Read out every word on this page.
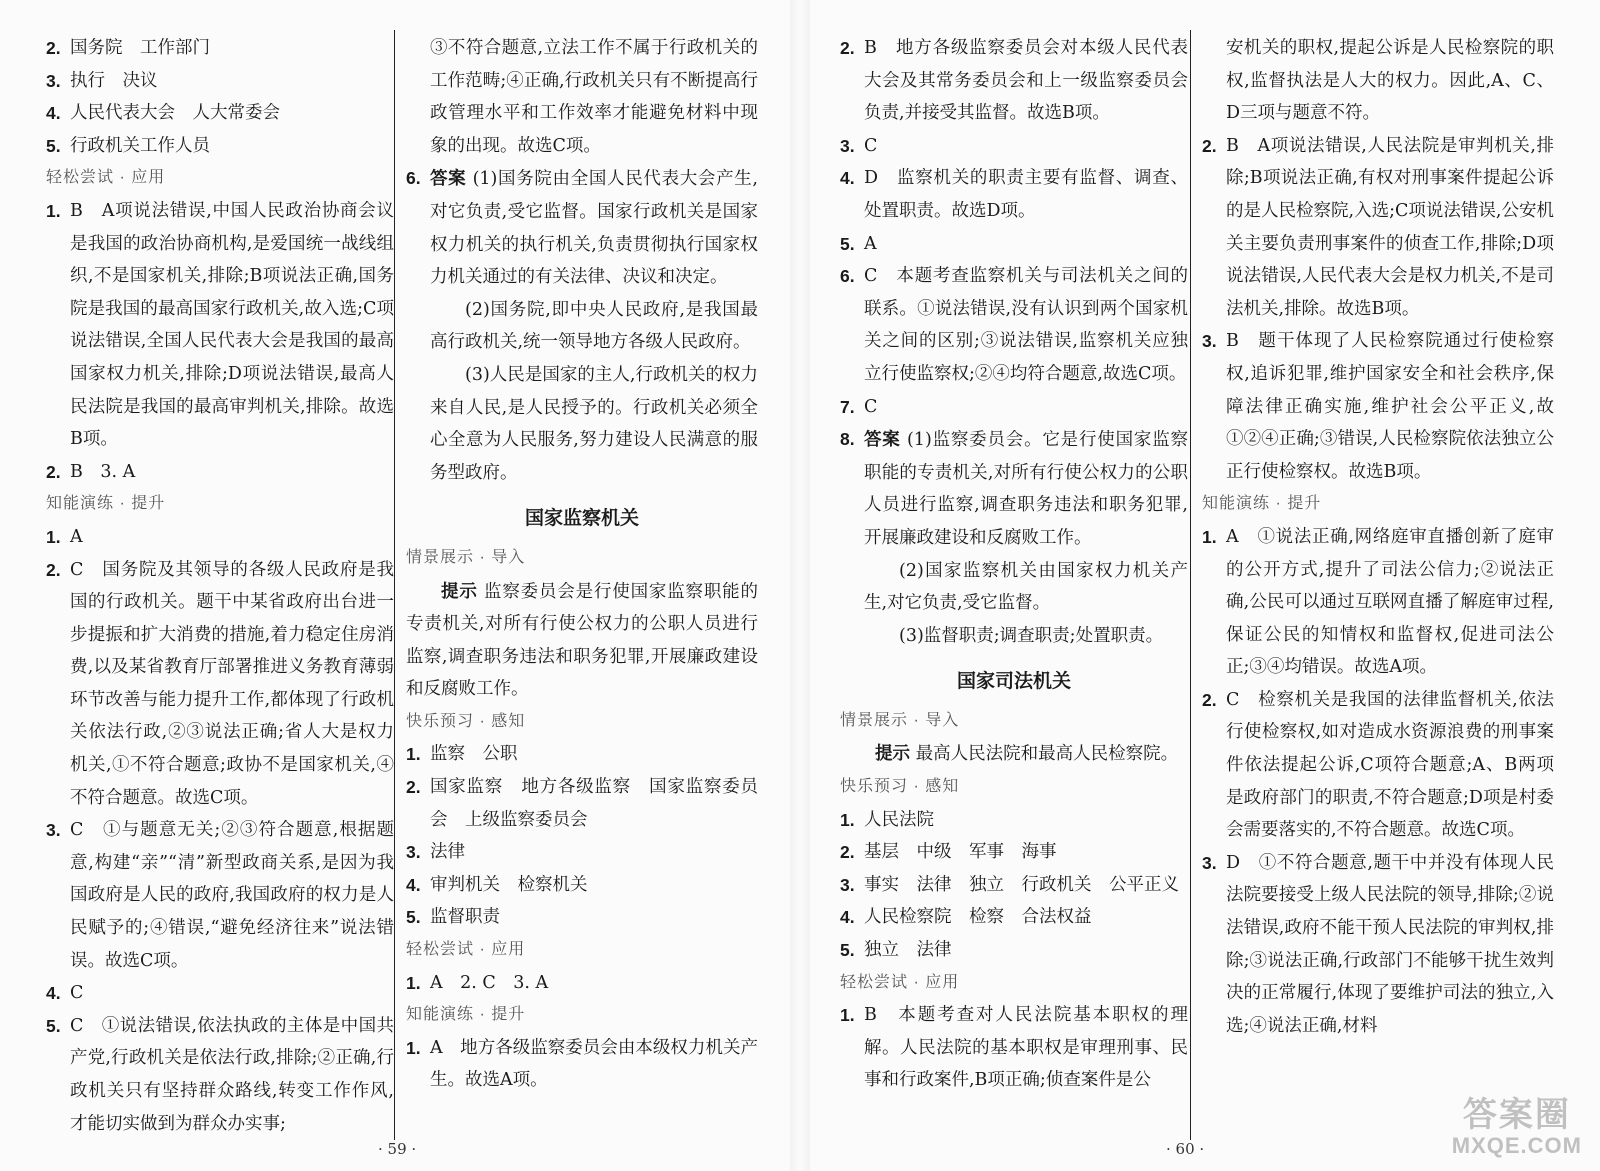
2. 国务院　工作部门
3. 执行　决议
4. 人民代表大会　人大常委会
5. 行政机关工作人员
轻松尝试 · 应用
1. B　A项说法错误,中国人民政治协商会议是我国的政治协商机构,是爱国统一战线组织,不是国家机关,排除;B项说法正确,国务院是我国的最高国家行政机关,故入选;C项说法错误,全国人民代表大会是我国的最高国家权力机关,排除;D项说法错误,最高人民法院是我国的最高审判机关,排除。故选B项。
2. B　3. A
知能演练 · 提升
1. A
2. C　国务院及其领导的各级人民政府是我国的行政机关。题干中某省政府出台进一步提振和扩大消费的措施,着力稳定住房消费,以及某省教育厅部署推进义务教育薄弱环节改善与能力提升工作,都体现了行政机关依法行政,②③说法正确;省人大是权力机关,①不符合题意;政协不是国家机关,④不符合题意。故选C项。
3. C　①与题意无关;②③符合题意,根据题意,构建“亲”“清”新型政商关系,是因为我国政府是人民的政府,我国政府的权力是人民赋予的;④错误,“避免经济往来”说法错误。故选C项。
4. C
5. C　①说法错误,依法执政的主体是中国共产党,行政机关是依法行政,排除;②正确,行政机关只有坚持群众路线,转变工作作风,才能切实做到为群众办实事;
③不符合题意,立法工作不属于行政机关的工作范畴;④正确,行政机关只有不断提高行政管理水平和工作效率才能避免材料中现象的出现。故选C项。
6. 答案 (1)国务院由全国人民代表大会产生,对它负责,受它监督。国家行政机关是国家权力机关的执行机关,负责贯彻执行国家权力机关通过的有关法律、决议和决定。
(2)国务院,即中央人民政府,是我国最高行政机关,统一领导地方各级人民政府。
(3)人民是国家的主人,行政机关的权力来自人民,是人民授予的。行政机关必须全心全意为人民服务,努力建设人民满意的服务型政府。
国家监察机关
情景展示 · 导入
提示 监察委员会是行使国家监察职能的专责机关,对所有行使公权力的公职人员进行监察,调查职务违法和职务犯罪,开展廉政建设和反腐败工作。
快乐预习 · 感知
1. 监察　公职
2. 国家监察　地方各级监察　国家监察委员会　上级监察委员会
3. 法律
4. 审判机关　检察机关
5. 监督职责
轻松尝试 · 应用
1. A　2. C　3. A
知能演练 · 提升
1. A　地方各级监察委员会由本级权力机关产生。故选A项。
· 59 ·
2. B　地方各级监察委员会对本级人民代表大会及其常务委员会和上一级监察委员会负责,并接受其监督。故选B项。
3. C
4. D　监察机关的职责主要有监督、调查、处置职责。故选D项。
5. A
6. C　本题考查监察机关与司法机关之间的联系。①说法错误,没有认识到两个国家机关之间的区别;③说法错误,监察机关应独立行使监察权;②④均符合题意,故选C项。
7. C
8. 答案 (1)监察委员会。它是行使国家监察职能的专责机关,对所有行使公权力的公职人员进行监察,调查职务违法和职务犯罪,开展廉政建设和反腐败工作。
(2)国家监察机关由国家权力机关产生,对它负责,受它监督。
(3)监督职责;调查职责;处置职责。
国家司法机关
情景展示 · 导入
提示 最高人民法院和最高人民检察院。
快乐预习 · 感知
1. 人民法院
2. 基层　中级　军事　海事
3. 事实　法律　独立　行政机关　公平正义
4. 人民检察院　检察　合法权益
5. 独立　法律
轻松尝试 · 应用
1. B　本题考查对人民法院基本职权的理解。人民法院的基本职权是审理刑事、民事和行政案件,B项正确;侦查案件是公
安机关的职权,提起公诉是人民检察院的职权,监督执法是人大的权力。因此,A、C、D三项与题意不符。
2. B　A项说法错误,人民法院是审判机关,排除;B项说法正确,有权对刑事案件提起公诉的是人民检察院,入选;C项说法错误,公安机关主要负责刑事案件的侦查工作,排除;D项说法错误,人民代表大会是权力机关,不是司法机关,排除。故选B项。
3. B　题干体现了人民检察院通过行使检察权,追诉犯罪,维护国家安全和社会秩序,保障法律正确实施,维护社会公平正义,故①②④正确;③错误,人民检察院依法独立公正行使检察权。故选B项。
知能演练 · 提升
1. A　①说法正确,网络庭审直播创新了庭审的公开方式,提升了司法公信力;②说法正确,公民可以通过互联网直播了解庭审过程,保证公民的知情权和监督权,促进司法公正;③④均错误。故选A项。
2. C　检察机关是我国的法律监督机关,依法行使检察权,如对造成水资源浪费的刑事案件依法提起公诉,C项符合题意;A、B两项是政府部门的职责,不符合题意;D项是村委会需要落实的,不符合题意。故选C项。
3. D　①不符合题意,题干中并没有体现人民法院要接受上级人民法院的领导,排除;②说法错误,政府不能干预人民法院的审判权,排除;③说法正确,行政部门不能够干扰生效判决的正常履行,体现了要维护司法的独立,入选;④说法正确,材料
· 60 ·
答案圈
MXQE.COM
